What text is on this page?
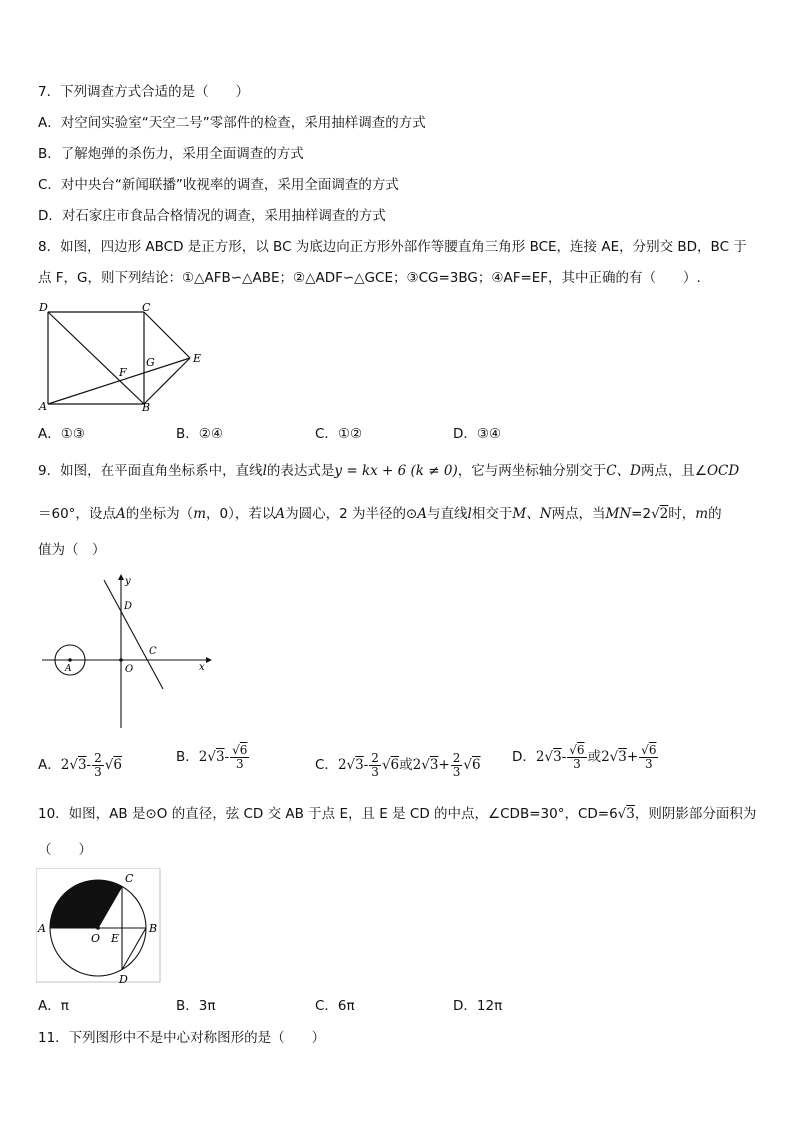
7．下列调查方式合适的是（　　）
A．对空间实验室“天空二号”零部件的检查，采用抽样调查的方式
B．了解炮弹的杀伤力，采用全面调查的方式
C．对中央台“新闻联播”收视率的调查，采用全面调查的方式
D．对石家庄市食品合格情况的调查，采用抽样调查的方式
8．如图，四边形 ABCD 是正方形，以 BC 为底边向正方形外部作等腰直角三角形 BCE，连接 AE，分别交 BD，BC 于
点 F，G，则下列结论：①△AFB∽△ABE；②△ADF∽△GCE；③CG=3BG；④AF=EF，其中正确的有（　　）.
D	C
A	B
E
F
G
A．①③	B．②④	C．①②	D．③④
9．如图，在平面直角坐标系中，直线l的表达式是y = kx + 6 (k ≠ 0)，它与两坐标轴分别交于C、D两点，且∠OCD
＝60°，设点A的坐标为（m，0），若以A为圆心，2 为半径的⊙A与直线l相交于M、N两点，当MN=2√2时，m的
值为（　）
y
x
D
C
O
A
A．$2√3- \frac{2}{3} √6$	B．$2√3- \frac{√6}{3}$	C．$2√3- \frac{2}{3} √6$或$2√3+ \frac{2}{3} √6$ D．$2√3- \frac{√6}{3}$ 或$2√3+ \frac{√6}{3}$
10．如图，AB 是⊙O 的直径，弦 CD 交 AB 于点 E，且 E 是 CD 的中点，∠CDB=30°，CD=6√3，则阴影部分面积为
（　　）
C
A
O E
B
D
A．π	B．3π	C．6π	D．12π
11．下列图形中不是中心对称图形的是（　　）
